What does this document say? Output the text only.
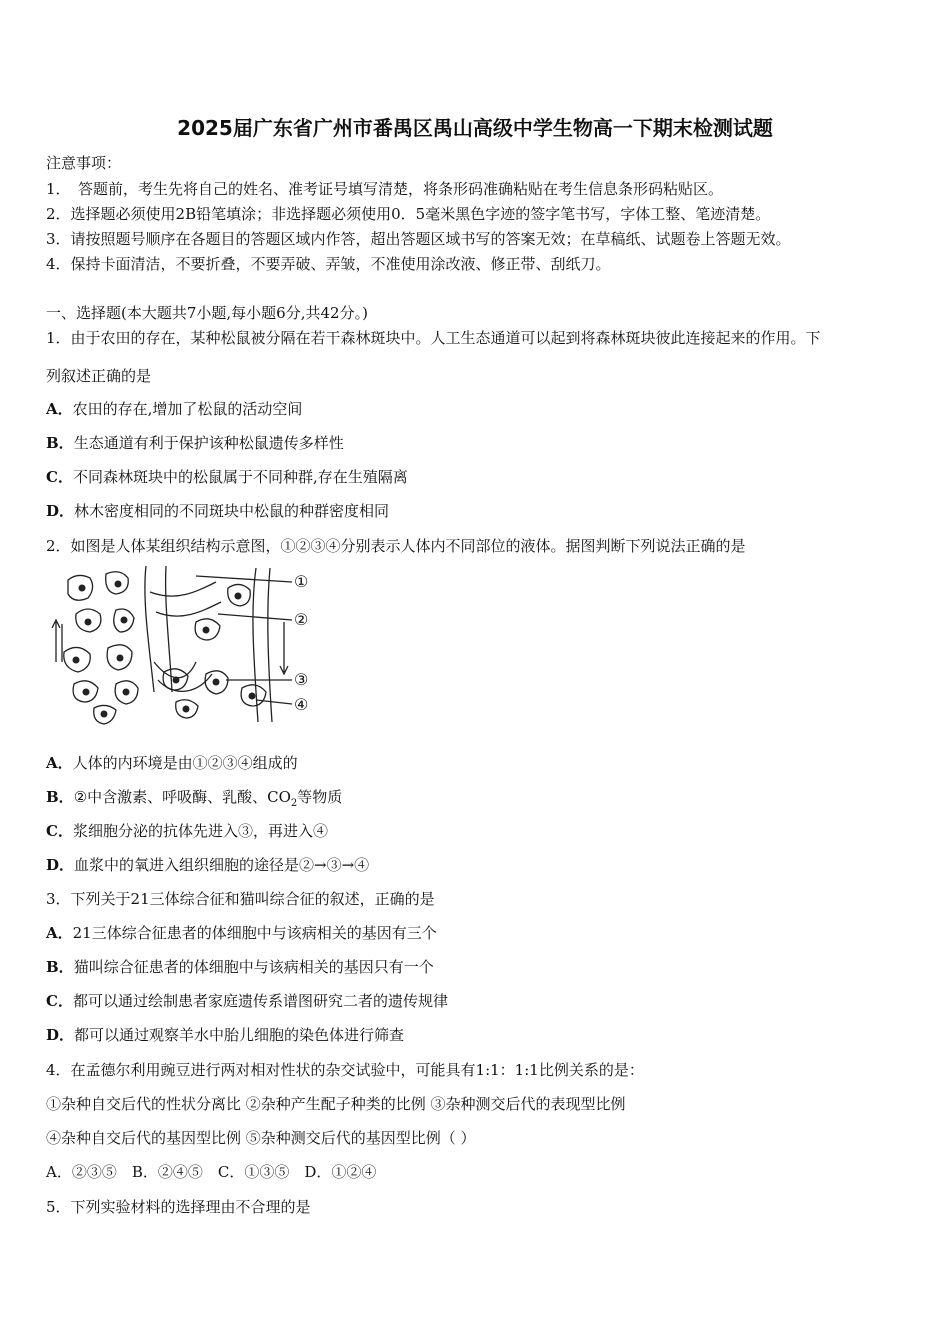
2025届广东省广州市番禺区禺山高级中学生物高一下期末检测试题
注意事项：
1．　答题前，考生先将自己的姓名、准考证号填写清楚，将条形码准确粘贴在考生信息条形码粘贴区。
2．选择题必须使用2B铅笔填涂；非选择题必须使用0．5毫米黑色字迹的签字笔书写，字体工整、笔迹清楚。
3．请按照题号顺序在各题目的答题区域内作答，超出答题区域书写的答案无效；在草稿纸、试题卷上答题无效。
4．保持卡面清洁，不要折叠，不要弄破、弄皱，不准使用涂改液、修正带、刮纸刀。
一、选择题(本大题共7小题,每小题6分,共42分。)
1．由于农田的存在，某种松鼠被分隔在若干森林斑块中。人工生态通道可以起到将森林斑块彼此连接起来的作用。下
列叙述正确的是
A．农田的存在,增加了松鼠的活动空间
B．生态通道有利于保护该种松鼠遗传多样性
C．不同森林斑块中的松鼠属于不同种群,存在生殖隔离
D．林木密度相同的不同斑块中松鼠的种群密度相同
2．如图是人体某组织结构示意图，①②③④分别表示人体内不同部位的液体。据图判断下列说法正确的是
①
②
③
④
A．人体的内环境是由①②③④组成的
B．②中含激素、呼吸酶、乳酸、$CO_2$等物质
C．浆细胞分泌的抗体先进入③，再进入④
D．血浆中的氧进入组织细胞的途径是②→③→④
3．下列关于21三体综合征和猫叫综合征的叙述，正确的是
A．21三体综合征患者的体细胞中与该病相关的基因有三个
B．猫叫综合征患者的体细胞中与该病相关的基因只有一个
C．都可以通过绘制患者家庭遗传系谱图研究二者的遗传规律
D．都可以通过观察羊水中胎儿细胞的染色体进行筛查
4．在孟德尔利用豌豆进行两对相对性状的杂交试验中，可能具有1:1：1:1比例关系的是：
①杂种自交后代的性状分离比 ②杂种产生配子种类的比例 ③杂种测交后代的表现型比例
④杂种自交后代的基因型比例 ⑤杂种测交后代的基因型比例（ ）
A．②③⑤　B．②④⑤　C．①③⑤　D．①②④
5．下列实验材料的选择理由不合理的是
